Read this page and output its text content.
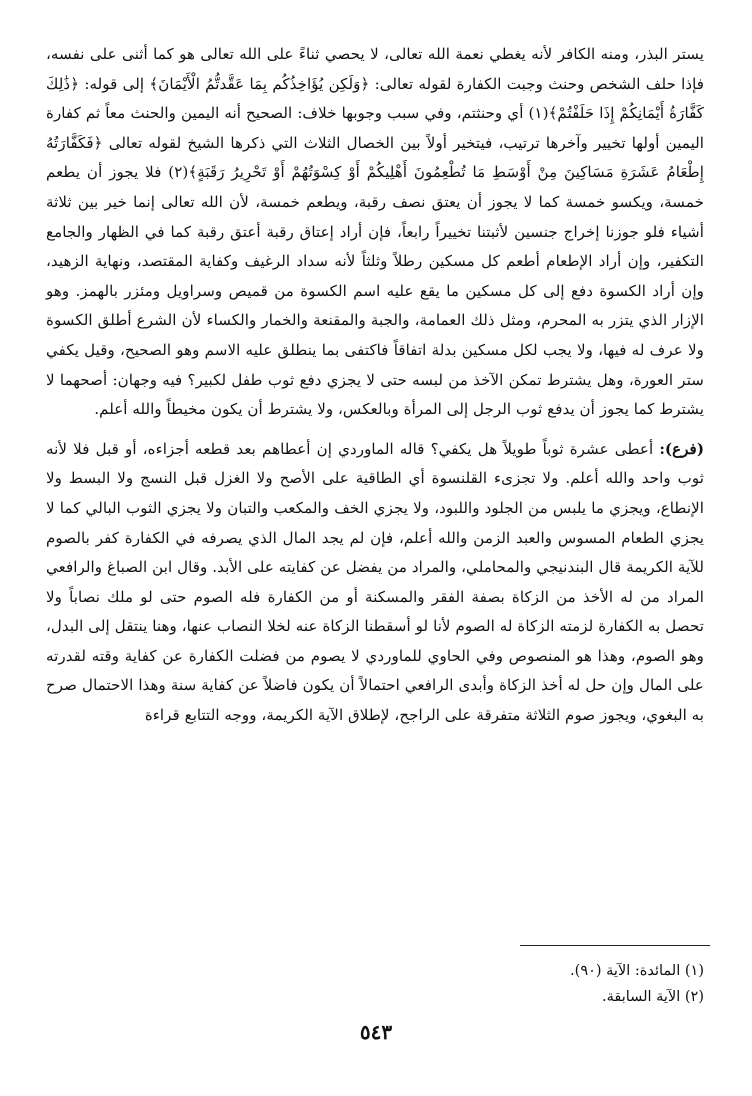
يستر البذر، ومنه الكافر لأنه يغطي نعمة الله تعالى، لا يحصي ثناءً على الله تعالى هو كما أثنى على نفسه، فإذا حلف الشخص وحنث وجبت الكفارة لقوله تعالى: ﴿وَلَكِن يُؤَاخِذُكُم بِمَا عَقَّدتُّمُ الْأَيْمَانَ﴾ إلى قوله: ﴿ذَٰلِكَ كَفَّارَةُ أَيْمَانِكُمْ إِذَا حَلَفْتُمْ﴾(١) أي وحنثتم، وفي سبب وجوبها خلاف: الصحيح أنه اليمين والحنث معاً ثم كفارة اليمين أولها تخيير وآخرها ترتيب، فيتخير أولاً بين الخصال الثلاث التي ذكرها الشيخ لقوله تعالى ﴿فَكَفَّارَتُهُ إِطْعَامُ عَشَرَةِ مَسَاكِينَ مِنْ أَوْسَطِ مَا تُطْعِمُونَ أَهْلِيكُمْ أَوْ كِسْوَتُهُمْ أَوْ تَحْرِيرُ رَقَبَةٍ﴾(٢) فلا يجوز أن يطعم خمسة، ويكسو خمسة كما لا يجوز أن يعتق نصف رقبة، ويطعم خمسة، لأن الله تعالى إنما خير بين ثلاثة أشياء فلو جوزنا إخراج جنسين لأثبتنا تخييراً رابعاً، فإن أراد إعتاق رقبة أعتق رقبة كما في الظهار والجامع التكفير، وإن أراد الإطعام أطعم كل مسكين رطلاً وثلثاً لأنه سداد الرغيف وكفاية المقتصد، ونهاية الزهيد، وإن أراد الكسوة دفع إلى كل مسكين ما يقع عليه اسم الكسوة من قميص وسراويل ومئزر بالهمز. وهو الإزار الذي يتزر به المحرم، ومثل ذلك العمامة، والجبة والمقنعة والخمار والكساء لأن الشرع أطلق الكسوة ولا عرف له فيها، ولا يجب لكل مسكين بدلة اتفاقاً فاكتفى بما ينطلق عليه الاسم وهو الصحيح، وقيل يكفي ستر العورة، وهل يشترط تمكن الآخذ من لبسه حتى لا يجزي دفع ثوب طفل لكبير؟ فيه وجهان: أصحهما لا يشترط كما يجوز أن يدفع ثوب الرجل إلى المرأة وبالعكس، ولا يشترط أن يكون مخيطاً والله أعلم.

(فرع): أعطى عشرة ثوباً طويلاً هل يكفي؟ قاله الماوردي إن أعطاهم بعد قطعه أجزاءه، أو قبل فلا لأنه ثوب واحد والله أعلم. ولا تجزىء القلنسوة أي الطاقية على الأصح ولا الغزل قبل النسج ولا البسط ولا الإنطاع، ويجزي ما يلبس من الجلود واللبود، ولا يجزي الخف والمكعب والتبان ولا يجزي الثوب البالي كما لا يجزي الطعام المسوس والعبد الزمن والله أعلم، فإن لم يجد المال الذي يصرفه في الكفارة كفر بالصوم للآية الكريمة قال البندنيجي والمحاملي، والمراد من يفضل عن كفايته على الأبد. وقال ابن الصباغ والرافعي المراد من له الأخذ من الزكاة بصفة الفقر والمسكنة أو من الكفارة فله الصوم حتى لو ملك نصاباً ولا تحصل به الكفارة لزمته الزكاة له الصوم لأنا لو أسقطنا الزكاة عنه لخلا النصاب عنها، وهنا ينتقل إلى البدل، وهو الصوم، وهذا هو المنصوص وفي الحاوي للماوردي لا يصوم من فضلت الكفارة عن كفاية وقته لقدرته على المال وإن حل له أخذ الزكاة وأبدى الرافعي احتمالاً أن يكون فاضلاً عن كفاية سنة وهذا الاحتمال صرح به البغوي، ويجوز صوم الثلاثة متفرقة على الراجح، لإطلاق الآية الكريمة، ووجه التتابع قراءة

(١) المائدة: الآية (٩٠).
(٢) الآية السابقة.
٥٤٣
